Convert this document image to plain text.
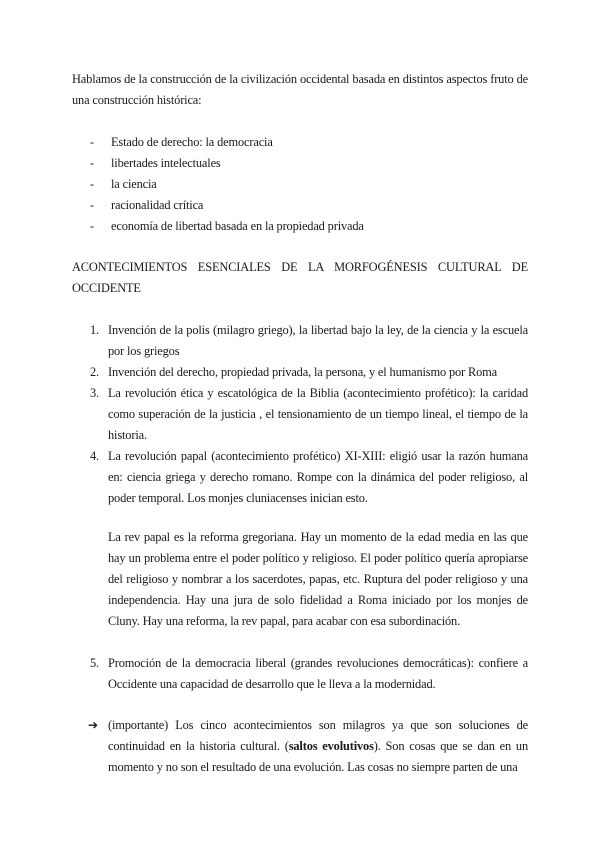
Hablamos de la construcción de la civilización occidental basada en distintos aspectos fruto de una construcción histórica:

- Estado de derecho: la democracia
- libertades intelectuales
- la ciencia
- racionalidad crítica
- economía de libertad basada en la propiedad privada
ACONTECIMIENTOS ESENCIALES DE LA MORFOGÉNESIS CULTURAL DE
OCCIDENTE
1. Invención de la polis (milagro griego), la libertad bajo la ley, de la ciencia y la escuela por los griegos
2. Invención del derecho, propiedad privada, la persona, y el humanismo por Roma
3. La revolución ética y escatológica de la Biblia (acontecimiento profético): la caridad como superación de la justicia , el tensionamiento de un tiempo lineal, el tiempo de la historia.
4. La revolución papal (acontecimiento profético) XI-XIII: eligió usar la razón humana en: ciencia griega y derecho romano. Rompe con la dinámica del poder religioso, al poder temporal. Los monjes cluniacenses inician esto.

La rev papal es la reforma gregoriana. Hay un momento de la edad media en las que hay un problema entre el poder político y religioso. El poder político quería apropiarse del religioso y nombrar a los sacerdotes, papas, etc. Ruptura del poder religioso y una independencia. Hay una jura de solo fidelidad a Roma iniciado por los monjes de Cluny. Hay una reforma, la rev papal, para acabar con esa subordinación.

5. Promoción de la democracia liberal (grandes revoluciones democráticas): confiere a Occidente una capacidad de desarrollo que le lleva a la modernidad.
➔ (importante) Los cinco acontecimientos son milagros ya que son soluciones de continuidad en la historia cultural. (saltos evolutivos). Son cosas que se dan en un momento y no son el resultado de una evolución. Las cosas no siempre parten de una
